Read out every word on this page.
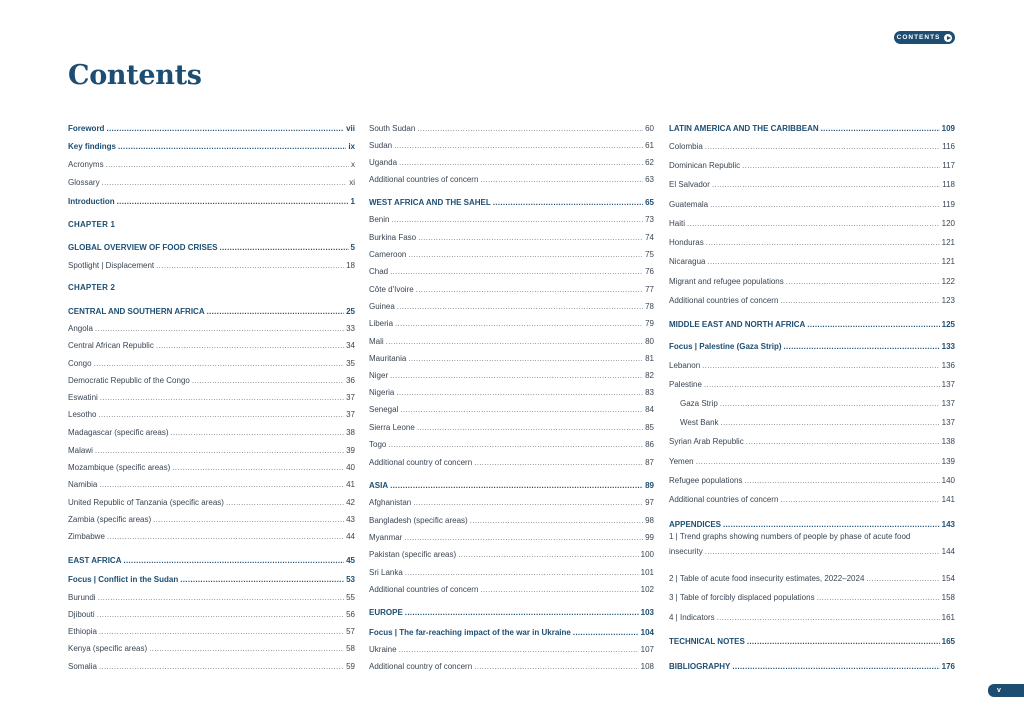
CONTENTS
Contents
Foreword .....	vii
Key findings .....	ix
Acronyms .....	x
Glossary .....	xi
Introduction .....	1
CHAPTER 1
GLOBAL OVERVIEW OF FOOD CRISES .....	5
Spotlight | Displacement .....	18
CHAPTER 2
CENTRAL AND SOUTHERN AFRICA .....	25
Angola .....	33
Central African Republic .....	34
Congo .....	35
Democratic Republic of the Congo .....	36
Eswatini .....	37
Lesotho .....	37
Madagascar (specific areas) .....	38
Malawi .....	39
Mozambique (specific areas) .....	40
Namibia .....	41
United Republic of Tanzania (specific areas) .....	42
Zambia (specific areas) .....	43
Zimbabwe .....	44
EAST AFRICA .....	45
Focus | Conflict in the Sudan .....	53
Burundi .....	55
Djibouti .....	56
Ethiopia .....	57
Kenya (specific areas) .....	58
Somalia .....	59
South Sudan .....	60
Sudan .....	61
Uganda .....	62
Additional countries of concern .....	63
WEST AFRICA AND THE SAHEL .....	65
Benin .....	73
Burkina Faso .....	74
Cameroon .....	75
Chad .....	76
Côte d'Ivoire .....	77
Guinea .....	78
Liberia .....	79
Mali .....	80
Mauritania .....	81
Niger .....	82
Nigeria .....	83
Senegal .....	84
Sierra Leone .....	85
Togo .....	86
Additional country of concern .....	87
ASIA .....	89
Afghanistan .....	97
Bangladesh (specific areas) .....	98
Myanmar .....	99
Pakistan (specific areas) .....	100
Sri Lanka .....	101
Additional countries of concern .....	102
EUROPE .....	103
Focus | The far-reaching impact of the war in Ukraine .....	104
Ukraine .....	107
Additional country of concern .....	108
LATIN AMERICA AND THE CARIBBEAN .....	109
Colombia .....	116
Dominican Republic .....	117
El Salvador .....	118
Guatemala .....	119
Haiti .....	120
Honduras .....	121
Nicaragua .....	121
Migrant and refugee populations .....	122
Additional countries of concern .....	123
MIDDLE EAST AND NORTH AFRICA .....	125
Focus | Palestine (Gaza Strip) .....	133
Lebanon .....	136
Palestine .....	137
Gaza Strip .....	137
West Bank .....	137
Syrian Arab Republic .....	138
Yemen .....	139
Refugee populations .....	140
Additional countries of concern .....	141
APPENDICES .....	143
1 | Trend graphs showing numbers of people by phase of acute food
insecurity .....	144
2 | Table of acute food insecurity estimates, 2022–2024 .....	154
3 | Table of forcibly displaced populations .....	158
4 | Indicators .....	161
TECHNICAL NOTES .....	165
BIBLIOGRAPHY .....	176
v
